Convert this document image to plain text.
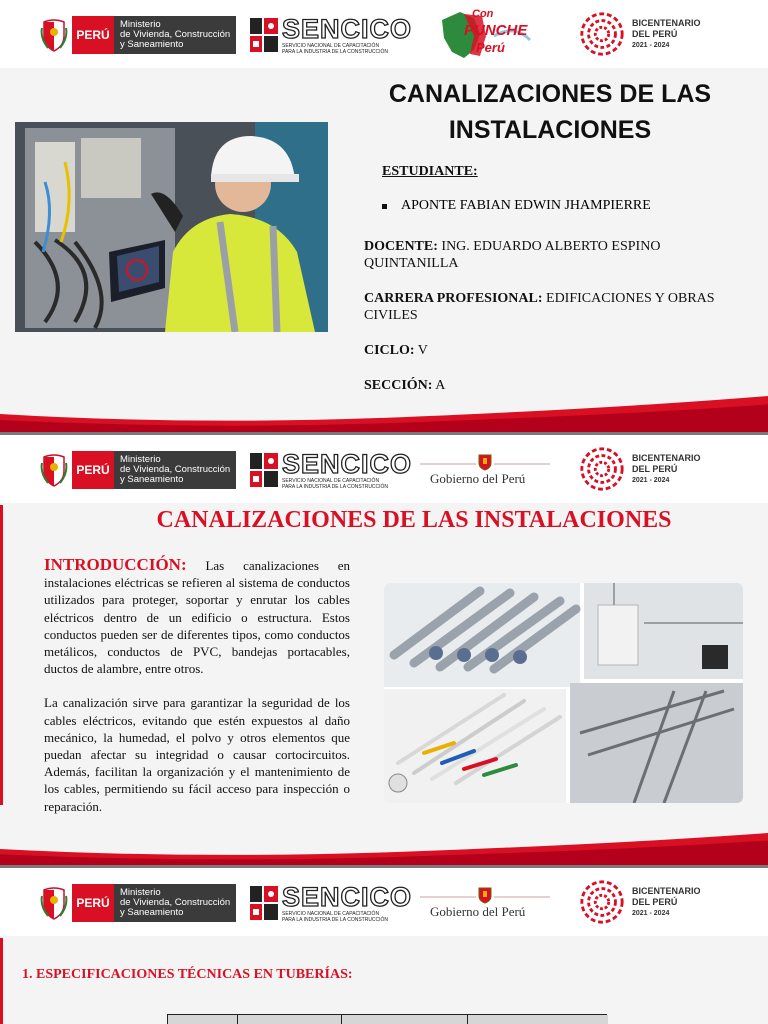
PERÚ
Ministerio
de Vivienda, Construcción
y Saneamiento
SENCICO
SERVICIO NACIONAL DE CAPACITACIÓN
PARA LA INDUSTRIA DE LA CONSTRUCCIÓN
Con
PUNCHE
Perú
BICENTENARIO
DEL PERÚ
2021 - 2024
CANALIZACIONES DE LAS
INSTALACIONES
ESTUDIANTE:
APONTE FABIAN EDWIN JHAMPIERRE
DOCENTE: ING. EDUARDO ALBERTO ESPINO QUINTANILLA
CARRERA PROFESIONAL: EDIFICACIONES Y OBRAS CIVILES
CICLO: V
SECCIÓN: A
PERÚ
Ministerio
de Vivienda, Construcción
y Saneamiento
SENCICO
SERVICIO NACIONAL DE CAPACITACIÓN
PARA LA INDUSTRIA DE LA CONSTRUCCIÓN
Gobierno del Perú
BICENTENARIO
DEL PERÚ
2021 - 2024
CANALIZACIONES DE LAS INSTALACIONES

INTRODUCCIÓN: Las canalizaciones en instalaciones eléctricas se refieren al sistema de conductos utilizados para proteger, soportar y enrutar los cables eléctricos dentro de un edificio o estructura. Estos conductos pueden ser de diferentes tipos, como conductos metálicos, conductos de PVC, bandejas portacables, ductos de alambre, entre otros.

La canalización sirve para garantizar la seguridad de los cables eléctricos, evitando que estén expuestos al daño mecánico, la humedad, el polvo y otros elementos que puedan afectar su integridad o causar cortocircuitos. Además, facilitan la organización y el mantenimiento de los cables, permitiendo su fácil acceso para inspección o reparación.

PERÚ
Ministerio
de Vivienda, Construcción
y Saneamiento
SENCICO
SERVICIO NACIONAL DE CAPACITACIÓN
PARA LA INDUSTRIA DE LA CONSTRUCCIÓN
Gobierno del Perú
BICENTENARIO
DEL PERÚ
2021 - 2024
1. ESPECIFICACIONES TÉCNICAS EN TUBERÍAS:
